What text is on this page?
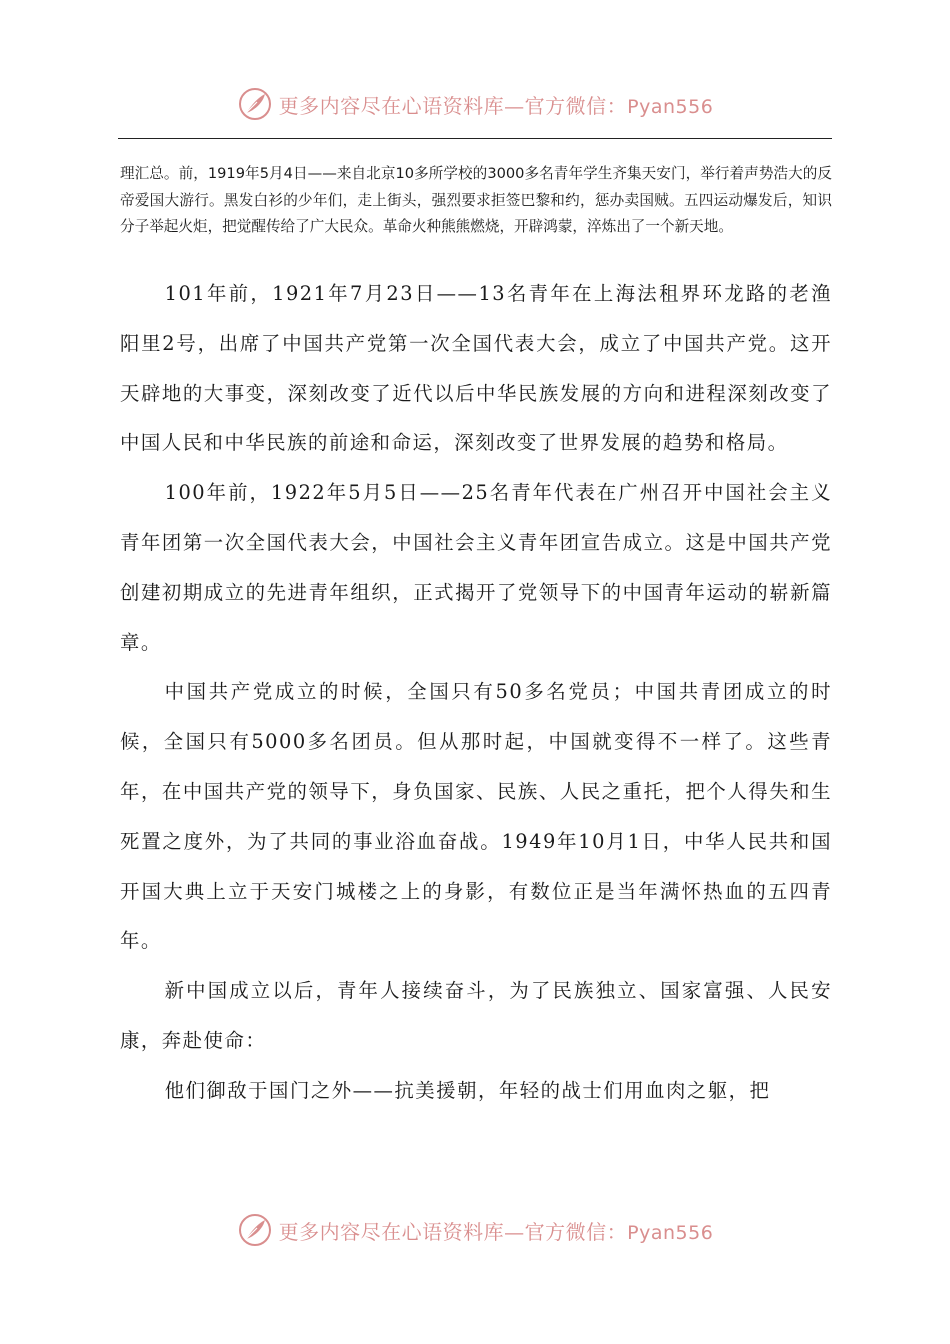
更多内容尽在心语资料库—官方微信：Pyan556

理汇总。前，1919年5月4日——来自北京10多所学校的3000多名青年学生齐集天安门，举行着声势浩大的反帝爱国大游行。黑发白衫的少年们，走上街头，强烈要求拒签巴黎和约，惩办卖国贼。五四运动爆发后，知识分子举起火炬，把觉醒传给了广大民众。革命火种熊熊燃烧，开辟鸿蒙，淬炼出了一个新天地。

101年前，1921年7月23日——13名青年在上海法租界环龙路的老渔阳里2号，出席了中国共产党第一次全国代表大会，成立了中国共产党。这开天辟地的大事变，深刻改变了近代以后中华民族发展的方向和进程深刻改变了中国人民和中华民族的前途和命运，深刻改变了世界发展的趋势和格局。

100年前，1922年5月5日——25名青年代表在广州召开中国社会主义青年团第一次全国代表大会，中国社会主义青年团宣告成立。这是中国共产党创建初期成立的先进青年组织，正式揭开了党领导下的中国青年运动的崭新篇章。

中国共产党成立的时候，全国只有50多名党员；中国共青团成立的时候，全国只有5000多名团员。但从那时起，中国就变得不一样了。这些青年，在中国共产党的领导下，身负国家、民族、人民之重托，把个人得失和生死置之度外，为了共同的事业浴血奋战。1949年10月1日，中华人民共和国开国大典上立于天安门城楼之上的身影，有数位正是当年满怀热血的五四青年。

新中国成立以后，青年人接续奋斗，为了民族独立、国家富强、人民安康，奔赴使命：

他们御敌于国门之外——抗美援朝，年轻的战士们用血肉之躯，把

更多内容尽在心语资料库—官方微信：Pyan556
